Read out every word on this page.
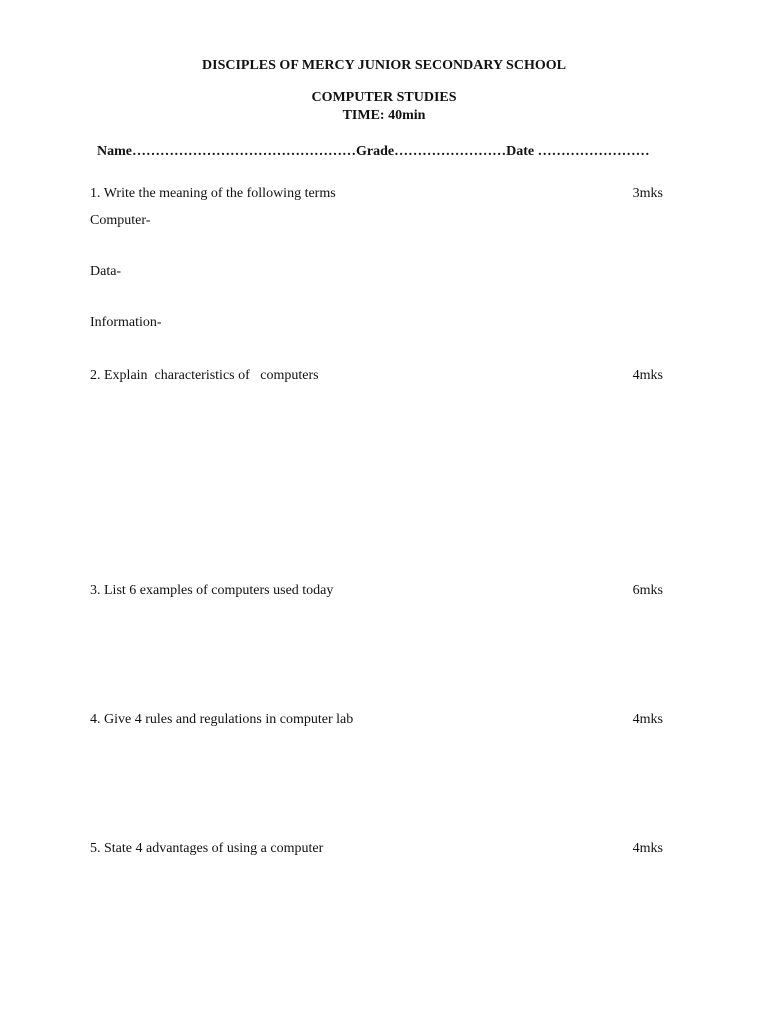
DISCIPLES OF MERCY JUNIOR SECONDARY SCHOOL
COMPUTER STUDIES
TIME: 40min
Name…………………………………………Grade……………………Date ……………………
1. Write the meaning of the following terms	3mks
Computer-
Data-
Information-
2. Explain  characteristics of   computers	4mks
3. List 6 examples of computers used today	6mks
4. Give 4 rules and regulations in computer lab	4mks
5. State 4 advantages of using a computer	4mks
